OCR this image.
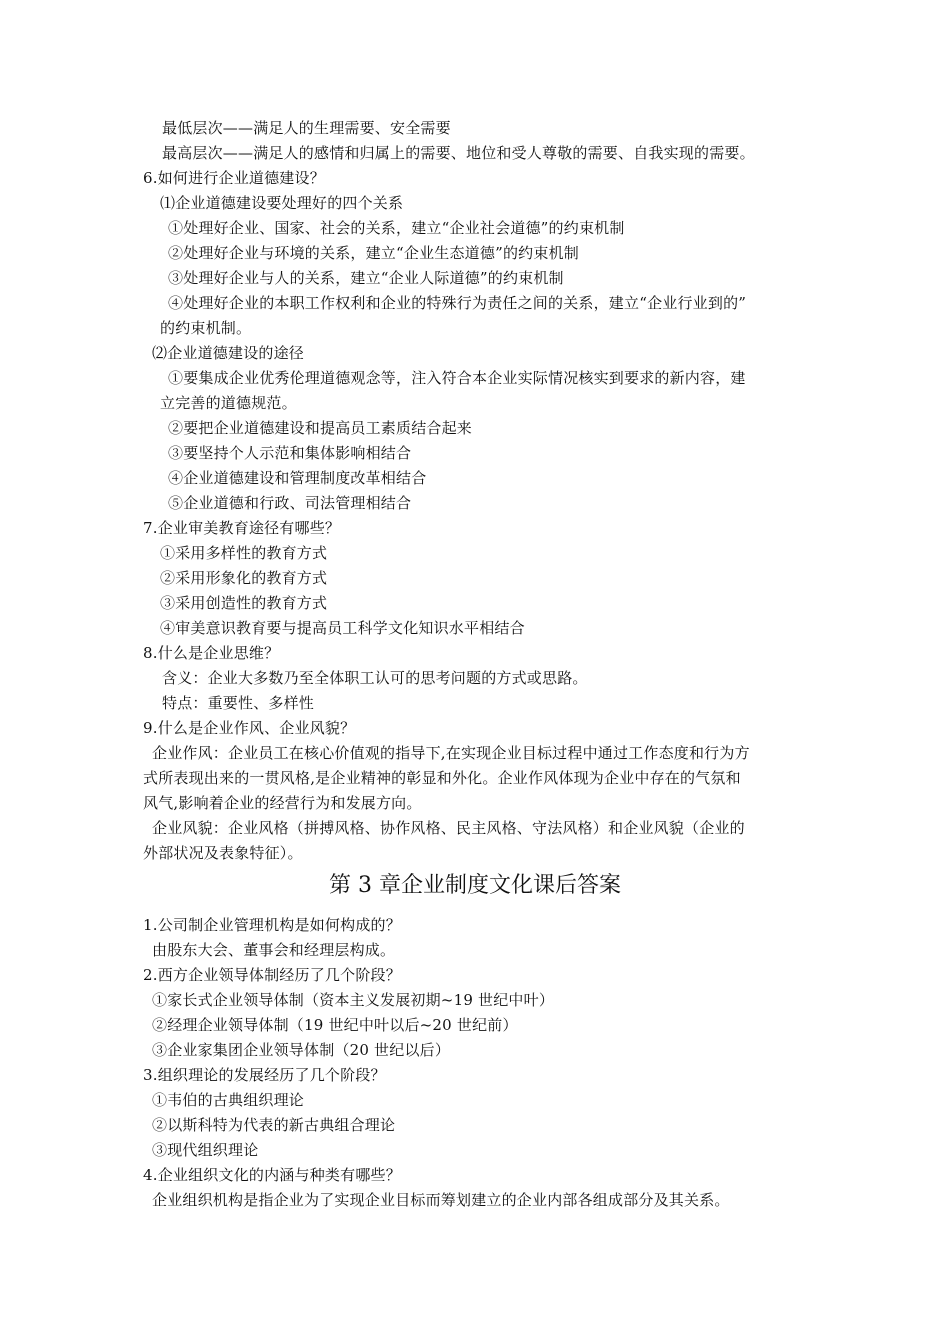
最低层次——满足人的生理需要、安全需要
最高层次——满足人的感情和归属上的需要、地位和受人尊敬的需要、自我实现的需要。
6.如何进行企业道德建设？
⑴企业道德建设要处理好的四个关系
①处理好企业、国家、社会的关系，建立“企业社会道德”的约束机制
②处理好企业与环境的关系，建立“企业生态道德”的约束机制
③处理好企业与人的关系，建立“企业人际道德”的约束机制
④处理好企业的本职工作权利和企业的特殊行为责任之间的关系，建立“企业行业到的”
的约束机制。
⑵企业道德建设的途径
①要集成企业优秀伦理道德观念等，注入符合本企业实际情况核实到要求的新内容，建
立完善的道德规范。
②要把企业道德建设和提高员工素质结合起来
③要坚持个人示范和集体影响相结合
④企业道德建设和管理制度改革相结合
⑤企业道德和行政、司法管理相结合
7.企业审美教育途径有哪些？
①采用多样性的教育方式
②采用形象化的教育方式
③采用创造性的教育方式
④审美意识教育要与提高员工科学文化知识水平相结合
8.什么是企业思维？
含义：企业大多数乃至全体职工认可的思考问题的方式或思路。
特点：重要性、多样性
9.什么是企业作风、企业风貌？
企业作风：企业员工在核心价值观的指导下,在实现企业目标过程中通过工作态度和行为方
式所表现出来的一贯风格,是企业精神的彰显和外化。企业作风体现为企业中存在的气氛和
风气,影响着企业的经营行为和发展方向。
企业风貌：企业风格（拼搏风格、协作风格、民主风格、守法风格）和企业风貌（企业的
外部状况及表象特征）。
第 3 章企业制度文化课后答案
1.公司制企业管理机构是如何构成的？
由股东大会、董事会和经理层构成。
2.西方企业领导体制经历了几个阶段？
①家长式企业领导体制（资本主义发展初期~19 世纪中叶）
②经理企业领导体制（19 世纪中叶以后~20 世纪前）
③企业家集团企业领导体制（20 世纪以后）
3.组织理论的发展经历了几个阶段？
①韦伯的古典组织理论
②以斯科特为代表的新古典组合理论
③现代组织理论
4.企业组织文化的内涵与种类有哪些？
企业组织机构是指企业为了实现企业目标而筹划建立的企业内部各组成部分及其关系。
